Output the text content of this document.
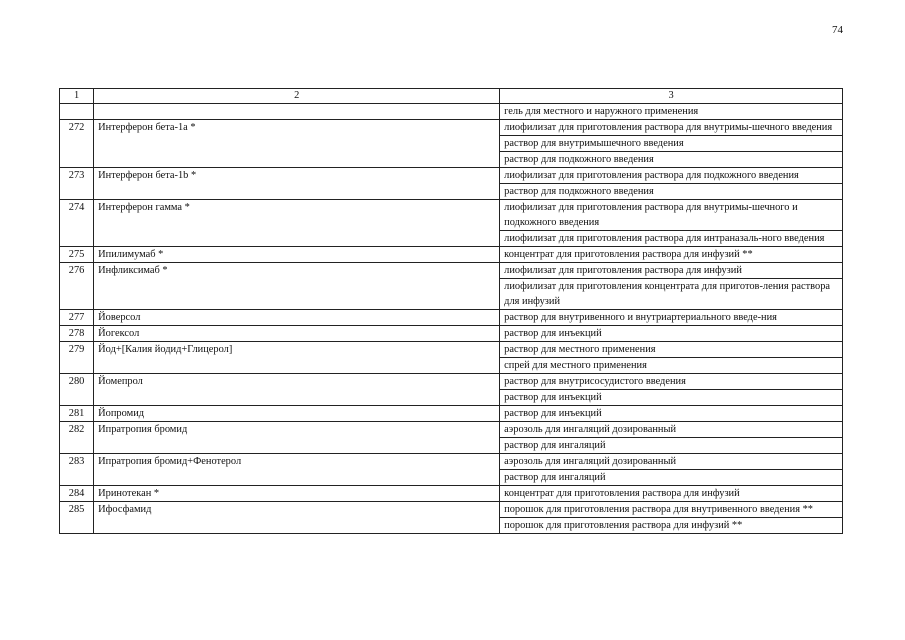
74
1	2	3
		гель для местного и наружного применения
272	Интерферон бета-1а *	лиофилизат для приготовления раствора для внутримы-шечного введения
		раствор для внутримышечного введения
		раствор для подкожного введения
273	Интерферон бета-1b *	лиофилизат для приготовления раствора для подкожного введения
		раствор для подкожного введения
274	Интерферон гамма *	лиофилизат для приготовления раствора для внутримы-шечного и подкожного введения
		лиофилизат для приготовления раствора для интраназаль-ного введения
275	Ипилимумаб *	концентрат для приготовления раствора для инфузий **
276	Инфликсимаб *	лиофилизат для приготовления раствора для инфузий
		лиофилизат для приготовления концентрата для приготов-ления раствора для инфузий
277	Йоверсол	раствор для внутривенного и внутриартериального введе-ния
278	Йогексол	раствор для инъекций
279	Йод+[Калия йодид+Глицерол]	раствор для местного применения
		спрей для местного применения
280	Йомепрол	раствор для внутрисосудистого введения
		раствор для инъекций
281	Йопромид	раствор для инъекций
282	Ипратропия бромид	аэрозоль для ингаляций дозированный
		раствор для ингаляций
283	Ипратропия бромид+Фенотерол	аэрозоль для ингаляций дозированный
		раствор для ингаляций
284	Иринотекан *	концентрат для приготовления раствора для инфузий
285	Ифосфамид	порошок для приготовления раствора для внутривенного введения **
		порошок для приготовления раствора для инфузий **
